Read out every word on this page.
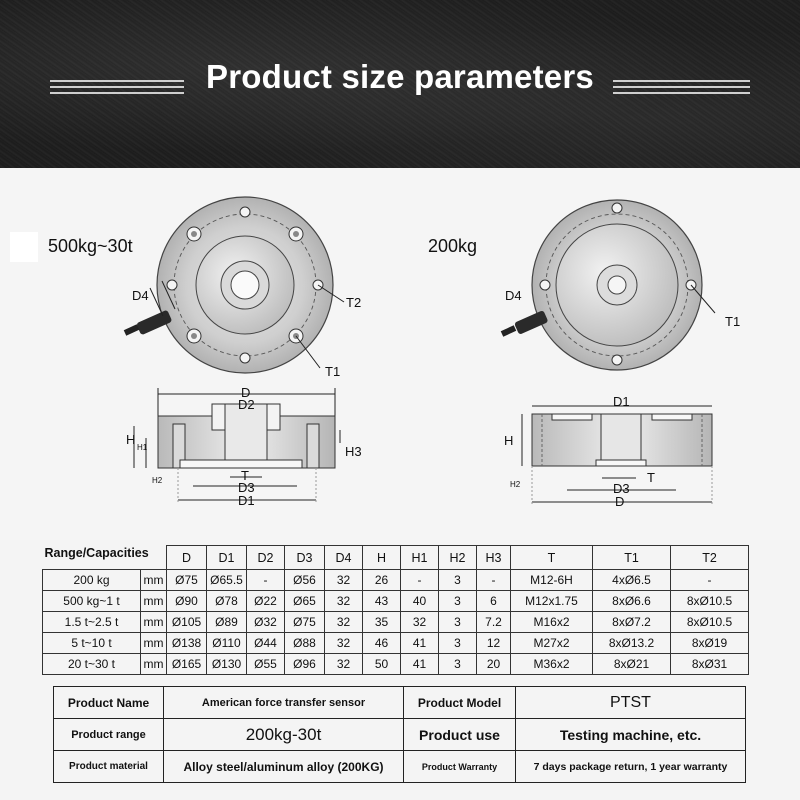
Product size parameters
500kg~30t	200kg
D4	T2
T1
D
D2
H
H1
H2
H3
T
D3
D1
D4
T1
D1
H
H2	T
D3
D
Range/Capacities		D	D1	D2	D3	D4	H	H1	H2	H3	T	T1	T2
200 kg	mm	Ø75	Ø65.5	-	Ø56	32	26	-	3	-	M12-6H	4xØ6.5	-
500 kg~1 t	mm	Ø90	Ø78	Ø22	Ø65	32	43	40	3	6	M12x1.75	8xØ6.6	8xØ10.5
1.5 t~2.5 t	mm	Ø105	Ø89	Ø32	Ø75	32	35	32	3	7.2	M16x2	8xØ7.2	8xØ10.5
5 t~10 t	mm	Ø138	Ø110	Ø44	Ø88	32	46	41	3	12	M27x2	8xØ13.2	8xØ19
20 t~30 t	mm	Ø165	Ø130	Ø55	Ø96	32	50	41	3	20	M36x2	8xØ21	8xØ31
Product Name	American force transfer sensor	Product Model	PTST
Product range	200kg-30t	Product use	Testing machine, etc.
Product material	Alloy steel/aluminum alloy (200KG)	Product Warranty	7 days package return, 1 year warranty
